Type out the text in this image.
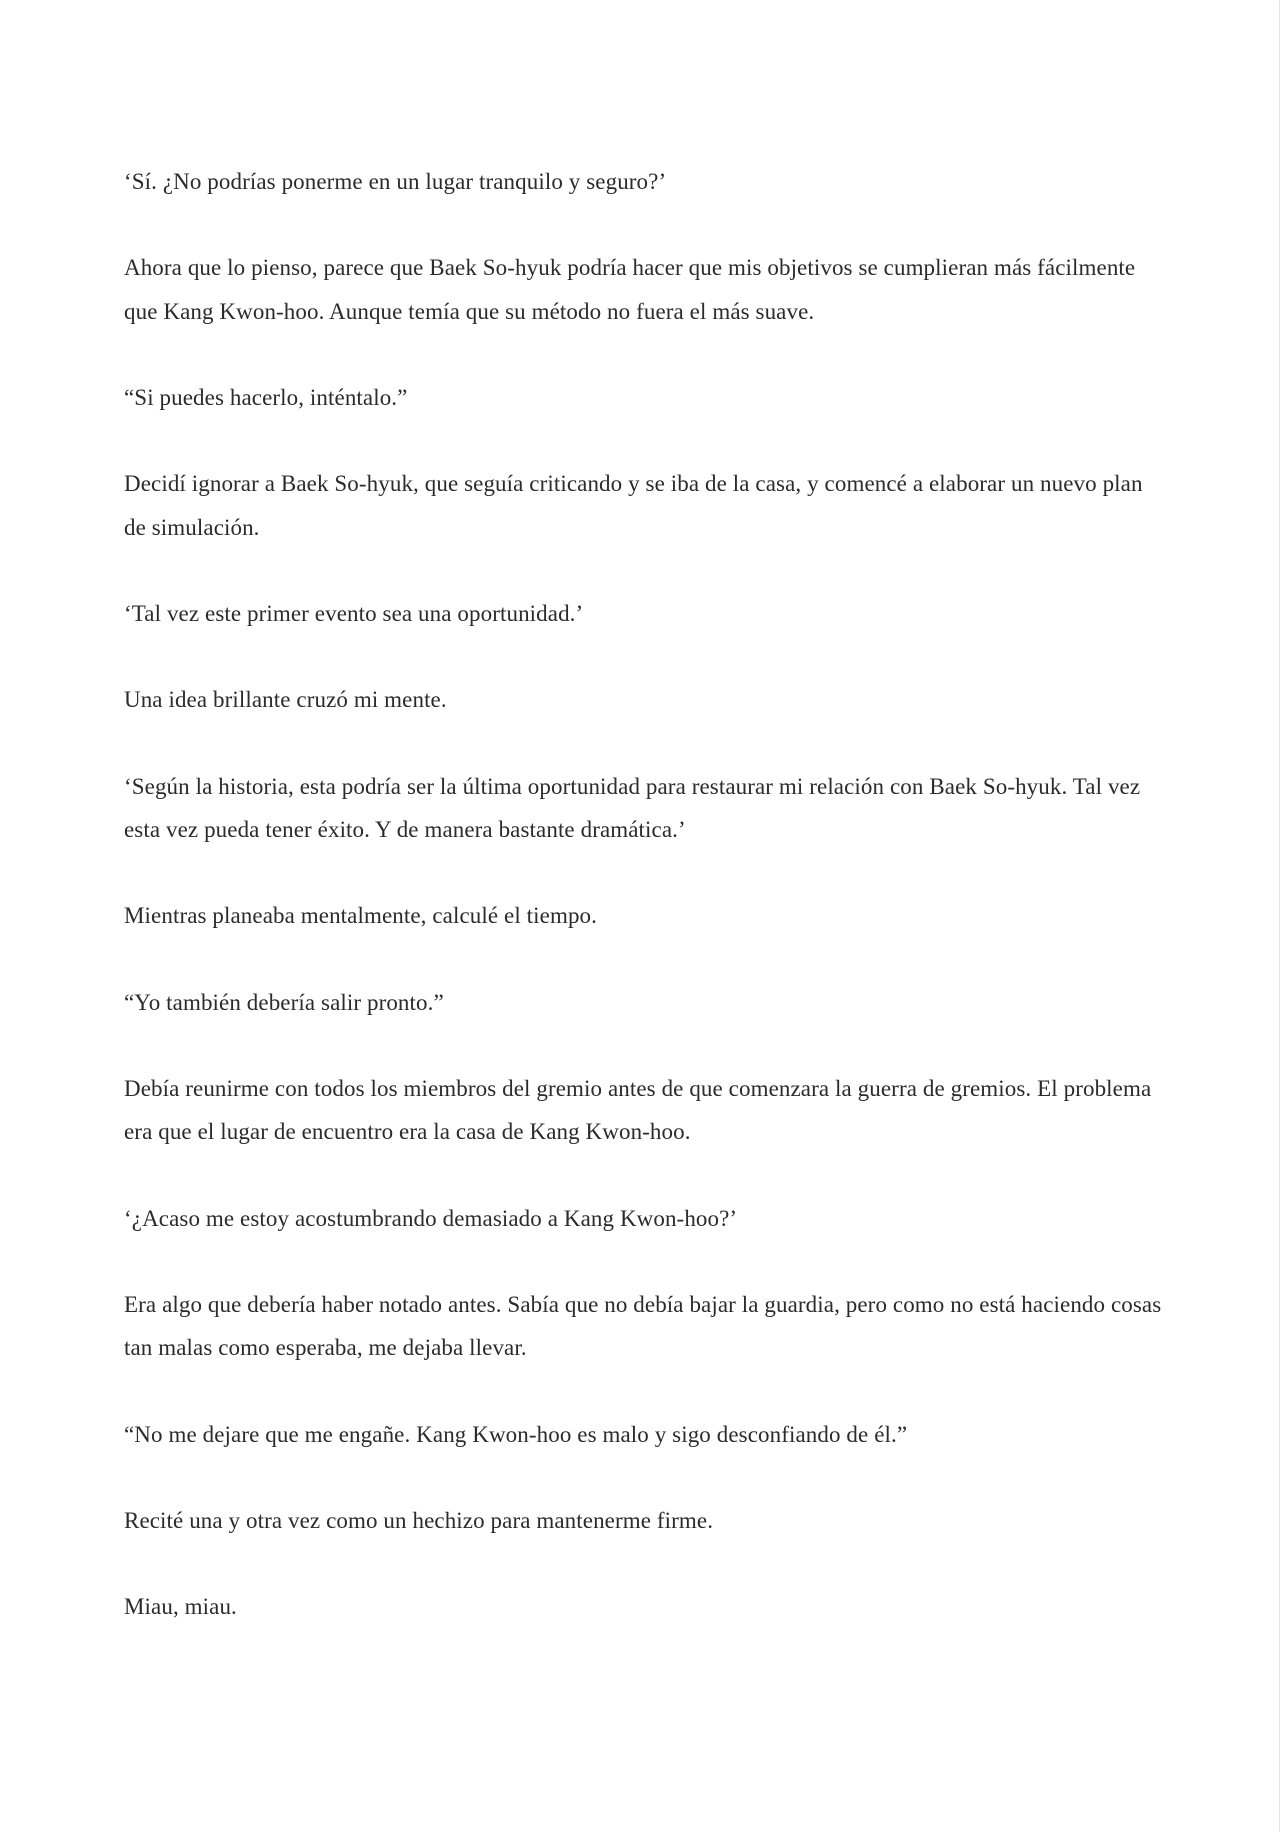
‘Sí. ¿No podrías ponerme en un lugar tranquilo y seguro?’

Ahora que lo pienso, parece que Baek So-hyuk podría hacer que mis objetivos se cumplieran más fácilmente que Kang Kwon-hoo. Aunque temía que su método no fuera el más suave.

“Si puedes hacerlo, inténtalo.”

Decidí ignorar a Baek So-hyuk, que seguía criticando y se iba de la casa, y comencé a elaborar un nuevo plan de simulación.

‘Tal vez este primer evento sea una oportunidad.’

Una idea brillante cruzó mi mente.

‘Según la historia, esta podría ser la última oportunidad para restaurar mi relación con Baek So-hyuk. Tal vez esta vez pueda tener éxito. Y de manera bastante dramática.’

Mientras planeaba mentalmente, calculé el tiempo.

“Yo también debería salir pronto.”

Debía reunirme con todos los miembros del gremio antes de que comenzara la guerra de gremios. El problema era que el lugar de encuentro era la casa de Kang Kwon-hoo.

‘¿Acaso me estoy acostumbrando demasiado a Kang Kwon-hoo?’

Era algo que debería haber notado antes. Sabía que no debía bajar la guardia, pero como no está haciendo cosas tan malas como esperaba, me dejaba llevar.

“No me dejare que me engañe. Kang Kwon-hoo es malo y sigo desconfiando de él.”

Recité una y otra vez como un hechizo para mantenerme firme.

Miau, miau.
